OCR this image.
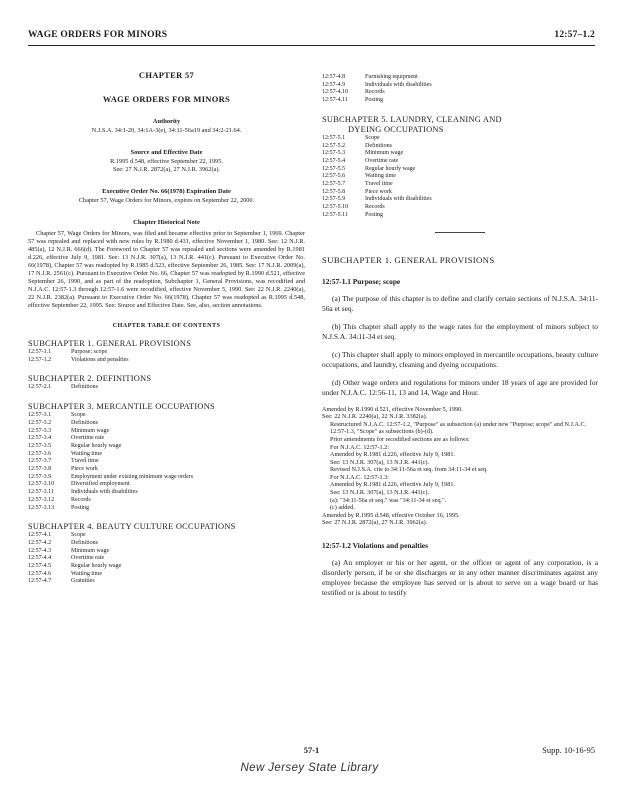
WAGE ORDERS FOR MINORS	12:57–1.2
CHAPTER 57
WAGE ORDERS FOR MINORS
Authority
N.J.S.A. 34:1-20, 34:1A-3(e), 34:11-56a19 and 34:2-21.64.
Source and Effective Date
R.1995 d.548, effective September 22, 1995.
See: 27 N.J.R. 2872(a), 27 N.J.R. 3962(a).
Executive Order No. 66(1978) Expiration Date
Chapter 57, Wage Orders for Minors, expires on September 22, 2000.
Chapter Historical Note
Chapter 57, Wage Orders for Minors, was filed and became effective prior to September 1, 1969. Chapter 57 was repealed and replaced with new rules by R.1980 d.431, effective November 1, 1980. See: 12 N.J.R. 485(a), 12 N.J.R. 666(d). The Foreword to Chapter 57 was repealed and sections were amended by R.1981 d.226, effective July 9, 1981. See: 13 N.J.R. 307(a), 13 N.J.R. 441(c). Pursuant to Executive Order No. 66(1978), Chapter 57 was readopted by R.1985 d.523, effective September 26, 1985. See: 17 N.J.R. 2009(a), 17 N.J.R. 2561(c). Pursuant to Executive Order No. 66, Chapter 57 was readopted by R.1990 d.521, effective September 26, 1990, and as part of the readoption, Subchapter 1, General Provisions, was recodified and N.J.A.C. 12:57-1.3 through 12:57-1.6 were recodified, effective November 5, 1990. See: 22 N.J.R. 2240(a), 22 N.J.R. 2382(a). Pursuant to Executive Order No. 66(1978), Chapter 57 was readopted as R.1995 d.548, effective September 22, 1995. See: Source and Effective Date. See, also, section annotations.
CHAPTER TABLE OF CONTENTS
SUBCHAPTER 1. GENERAL PROVISIONS
12:57-1.1	Purpose; scope
12:57-1.2	Violations and penalties
SUBCHAPTER 2. DEFINITIONS
12:57-2.1	Definitions
SUBCHAPTER 3. MERCANTILE OCCUPATIONS
12:57-3.1	Scope
12:57-3.2	Definitions
12:57-3.3	Minimum wage
12:57-3.4	Overtime rate
12:57-3.5	Regular hourly wage
12:57-3.6	Waiting time
12:57-3.7	Travel time
12:57-3.8	Piece work
12:57-3.9	Employment under existing minimum wage orders
12:57-3.10	Diversified employment
12:57-3.11	Individuals with disabilities
12:57-3.12	Records
12:57-3.13	Posting
SUBCHAPTER 4. BEAUTY CULTURE OCCUPATIONS
12:57-4.1	Scope
12:57-4.2	Definitions
12:57-4.3	Minimum wage
12:57-4.4	Overtime rate
12:57-4.5	Regular hourly wage
12:57-4.6	Waiting time
12:57-4.7	Gratuities
12:57-4.8	Furnishing equipment
12:57-4.9	Individuals with disabilities
12:57-4.10	Records
12:57-4.11	Posting
SUBCHAPTER 5. LAUNDRY, CLEANING AND
DYEING OCCUPATIONS
12:57-5.1	Scope
12:57-5.2	Definitions
12:57-5.3	Minimum wage
12:57-5.4	Overtime rate
12:57-5.5	Regular hourly wage
12:57-5.6	Waiting time
12:57-5.7	Travel time
12:57-5.8	Piece work
12:57-5.9	Individuals with disabilities
12:57-5.10	Records
12:57-5.11	Posting
SUBCHAPTER 1. GENERAL PROVISIONS
12:57-1.1 Purpose; scope
(a) The purpose of this chapter is to define and clarify certain sections of N.J.S.A. 34:11-56a et seq.
(b) This chapter shall apply to the wage rates for the employment of minors subject to N.J.S.A. 34:11-34 et seq.
(c) This chapter shall apply to minors employed in mercantile occupations, beauty culture occupations, and laundry, cleaning and dyeing occupations.
(d) Other wage orders and regulations for minors under 18 years of age are provided for under N.J.A.C. 12:56-11, 13 and 14, Wage and Hour.
Amended by R.1990 d.521, effective November 5, 1990.
See: 22 N.J.R. 2240(a), 22 N.J.R. 3382(a).
Restructured N.J.A.C. 12:57-1.2, "Purpose" as subsection (a) under new "Purpose; scope" and N.J.A.C. 12:57-1.3, "Scope" as subsections (b)-(d).
Prior amendments for recodified sections are as follows:
For N.J.A.C. 12:57-1.2:
Amended by R.1981 d.226, effective July 9, 1981.
See: 13 N.J.R. 307(a), 13 N.J.R. 441(c).
Revised N.J.S.A. cite to 34:11-56a et seq. from 34:11-34 et seq.
For N.J.A.C. 12:57-1.3:
Amended by R.1981 d.226, effective July 9, 1981.
See: 13 N.J.R. 307(a), 13 N.J.R. 441(c).
(a): "34:11-56a et seq." was "34:11-34 et seq.".
(c) added.
Amended by R.1995 d.548, effective October 16, 1995.
See: 27 N.J.R. 2872(a), 27 N.J.R. 3962(a).
12:57-1.2 Violations and penalties
(a) An employer or his or her agent, or the officer or agent of any corporation, is a disorderly person, if he or she discharges or in any other manner discriminates against any employee because the employee has served or is about to serve on a wage board or has testified or is about to testify
57-1	Supp. 10-16-95
New Jersey State Library
